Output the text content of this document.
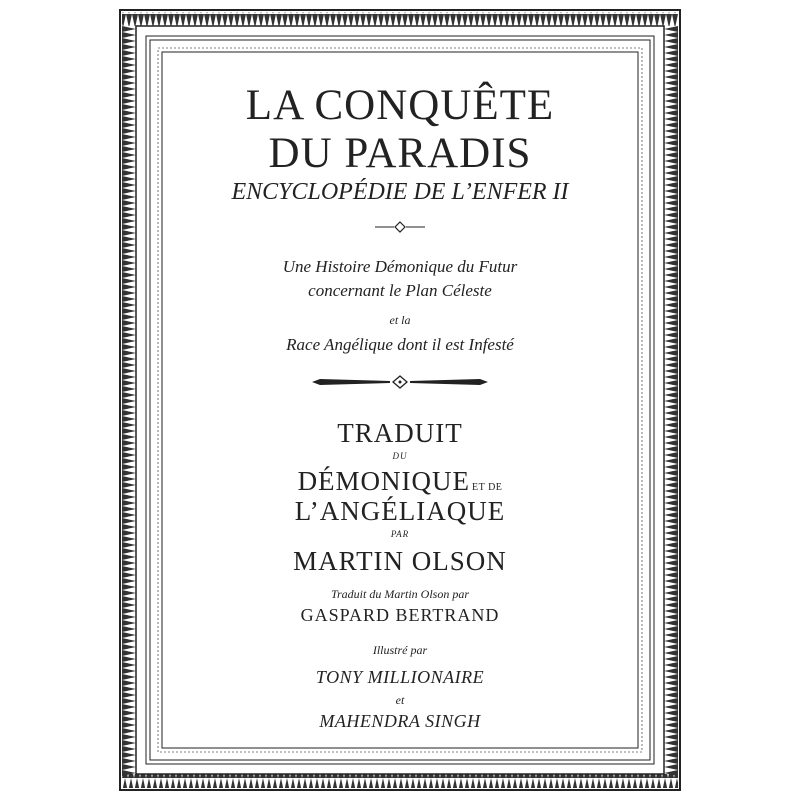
LA CONQUÊTE
DU PARADIS
ENCYCLOPÉDIE DE L’ENFER II
Une Histoire Démonique du Futur
concernant le Plan Céleste
et la
Race Angélique dont il est Infesté
TRADUIT
DU
DÉMONIQUE ET DE
L’ANGÉLIAQUE
PAR
MARTIN OLSON
Traduit du Martin Olson par
GASPARD BERTRAND
Illustré par
TONY MILLIONAIRE
et
MAHENDRA SINGH
